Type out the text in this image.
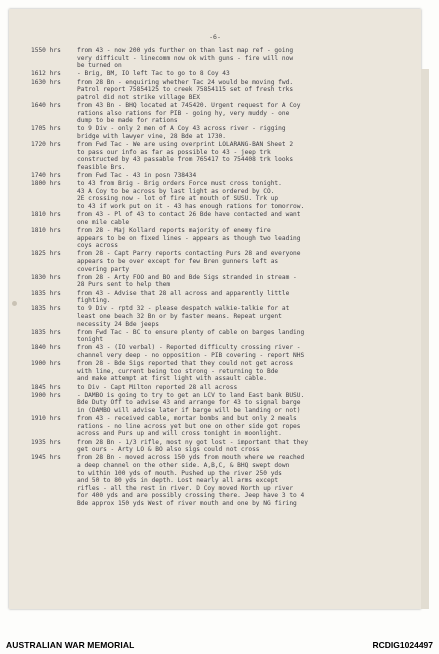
-6-
1550 hrs	from 43 - now 200 yds further on than last map ref - going
very difficult - linecomm now ok with guns - fire will now
be turned on
1612 hrs	- Brig, BM, IO left Tac to go to 8 Coy 43
1630 hrs	from 28 Bn - enquiring whether Tac 24 would be moving fwd.
Patrol report 75854125 to creek 75854115 set of fresh trks
patrol did not strike village BEX
1640 hrs	from 43 Bn - BHQ located at 745420. Urgent request for A Coy
rations also rations for PIB - going hy, very muddy - one
dump to be made for rations
1705 hrs	to 9 Div - only 2 men of A Coy 43 across river - rigging
bridge with lawyer vine, 28 Bde at 1730.
1720 hrs	from Fwd Tac - We are using overprint LOLARANG-BAN Sheet 2
to pass our info as far as possible to 43 - jeep trk
constructed by 43 passable from 765417 to 754408 trk looks
feasible Brs.
1740 hrs	from Fwd Tac - 43 in posn 738434
1800 hrs	to 43 from Brig - Brig orders Force must cross tonight.
43 A Coy to be across by last light as ordered by CO.
2E crossing now - lot of fire at mouth of SUSU. Trk up
to 43 if work put on it - 43 has enough rations for tomorrow.
1810 hrs	from 43 - Pl of 43 to contact 26 Bde have contacted and want
one mile cable
1810 hrs	from 28 - Maj Kollard reports majority of enemy fire
appears to be on fixed lines - appears as though two leading
coys across
1825 hrs	from 28 - Capt Parry reports contacting Purs 28 and everyone
appears to be over except for few Bren gunners left as
covering party
1830 hrs	from 28 - Arty FOO and BO and Bde Sigs stranded in stream -
28 Purs sent to help them
1835 hrs	from 43 - Advise that 28 all across and apparently little
fighting.
1835 hrs	to 9 Div - rptd 32 - please despatch walkie-talkie for at
least one beach 32 Bn or by faster means. Repeat urgent
necessity 24 Bde jeeps
1835 hrs	from Fwd Tac - BC to ensure plenty of cable on barges landing
tonight
1840 hrs	from 43 - (IO verbal) - Reported difficulty crossing river -
channel very deep - no opposition - PIB covering - report NHS
1900 hrs	from 28 - Bde Sigs reported that they could not get across
with line, current being too strong - returning to Bde
and make attempt at first light with assault cable.
1845 hrs	to Div - Capt Milton reported 28 all across
1900 hrs	- DAMBO is going to try to get an LCV to land East bank BUSU.
Bde Duty Off to advise 43 and arrange for 43 to signal barge
in (DAMBO will advise later if barge will be landing or not)
1910 hrs	from 43 - received cable, mortar bombs and but only 2 meals
rations - no line across yet but one on other side got ropes
across and Purs up and will cross tonight in moonlight.
1935 hrs	from 28 Bn - 1/3 rifle, most ny got lost - important that they
get ours - Arty LO & BO also sigs could not cross
1945 hrs	from 28 Bn - moved across 150 yds from mouth where we reached
a deep channel on the other side. A,B,C, & BHQ swept down
to within 100 yds of mouth. Pushed up the river 250 yds
and 50 to 80 yds in depth. Lost nearly all arms except
rifles - all the rest in river. D Coy moved North up river
for 400 yds and are possibly crossing there. Jeep have 3 to 4
Bde approx 150 yds West of river mouth and one by NG firing
AUSTRALIAN WAR MEMORIAL	RCDIG1024497
